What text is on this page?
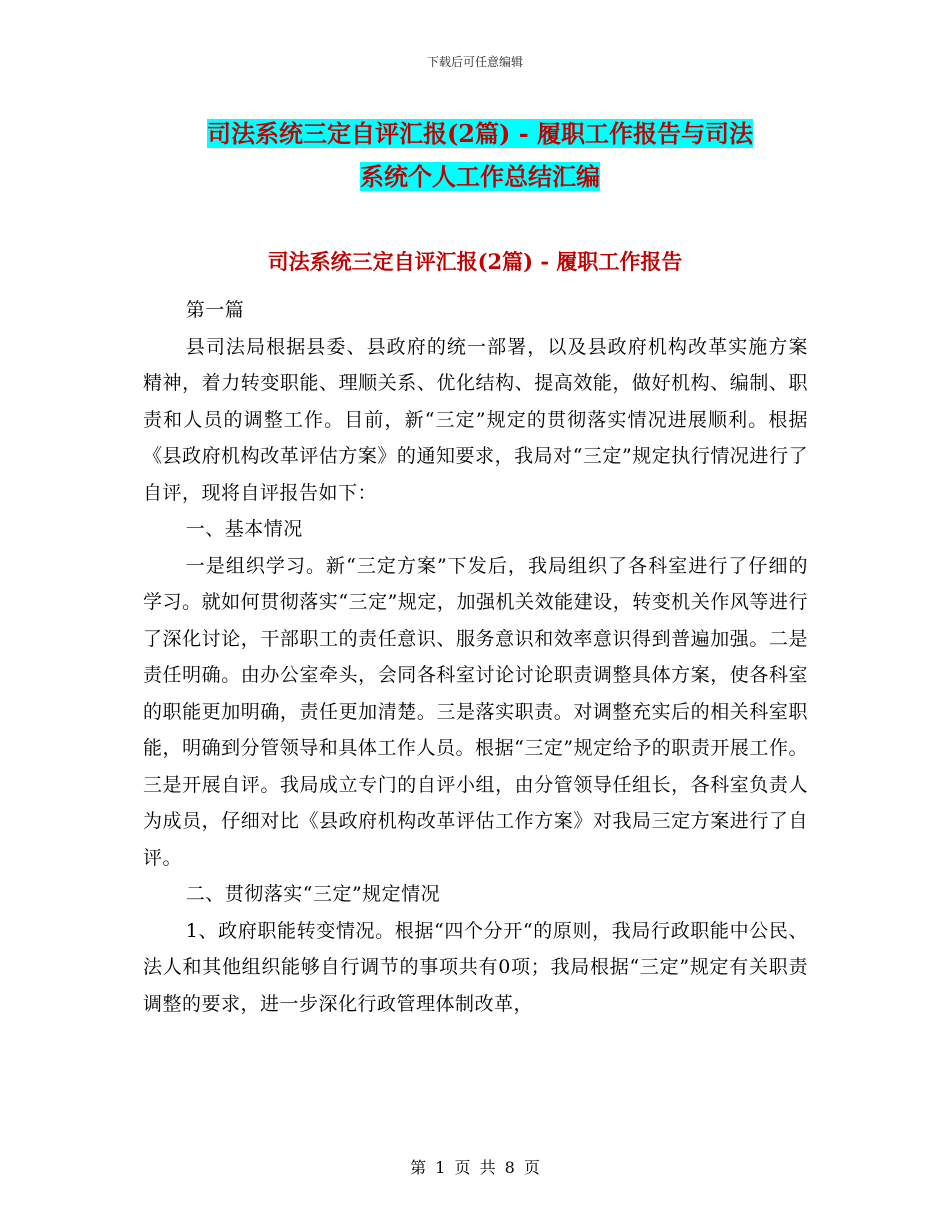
下载后可任意编辑
司法系统三定自评汇报(2篇) - 履职工作报告与司法
系统个人工作总结汇编
司法系统三定自评汇报(2篇) - 履职工作报告

第一篇

县司法局根据县委、县政府的统一部署，以及县政府机构改革实施方案精神，着力转变职能、理顺关系、优化结构、提高效能，做好机构、编制、职责和人员的调整工作。目前，新“三定”规定的贯彻落实情况进展顺利。根据《县政府机构改革评估方案》的通知要求，我局对“三定”规定执行情况进行了自评，现将自评报告如下：

一、基本情况

一是组织学习。新“三定方案”下发后，我局组织了各科室进行了仔细的学习。就如何贯彻落实“三定”规定，加强机关效能建设，转变机关作风等进行了深化讨论，干部职工的责任意识、服务意识和效率意识得到普遍加强。二是责任明确。由办公室牵头，会同各科室讨论讨论职责调整具体方案，使各科室的职能更加明确，责任更加清楚。三是落实职责。对调整充实后的相关科室职能，明确到分管领导和具体工作人员。根据“三定”规定给予的职责开展工作。三是开展自评。我局成立专门的自评小组，由分管领导任组长，各科室负责人为成员，仔细对比《县政府机构改革评估工作方案》对我局三定方案进行了自评。

二、贯彻落实“三定”规定情况

1、政府职能转变情况。根据“四个分开“的原则，我局行政职能中公民、法人和其他组织能够自行调节的事项共有0项；我局根据“三定”规定有关职责调整的要求，进一步深化行政管理体制改革，

第 1 页 共 8 页
